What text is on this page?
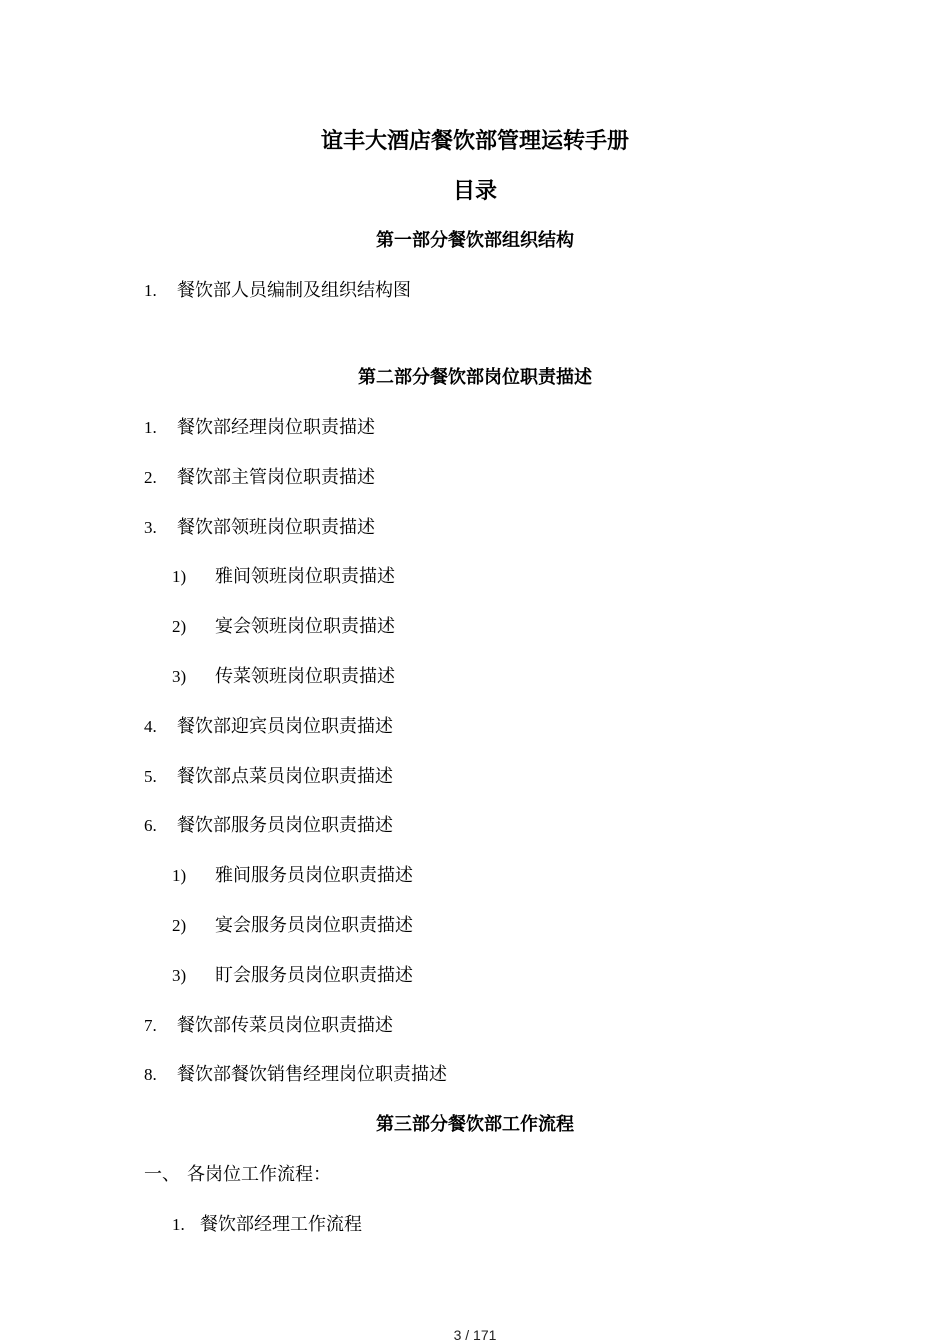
谊丰大酒店餐饮部管理运转手册
目录
第一部分餐饮部组织结构
1. 餐饮部人员编制及组织结构图
第二部分餐饮部岗位职责描述
1. 餐饮部经理岗位职责描述
2. 餐饮部主管岗位职责描述
3. 餐饮部领班岗位职责描述
1) 雅间领班岗位职责描述
2) 宴会领班岗位职责描述
3) 传菜领班岗位职责描述
4. 餐饮部迎宾员岗位职责描述
5. 餐饮部点菜员岗位职责描述
6. 餐饮部服务员岗位职责描述
1) 雅间服务员岗位职责描述
2) 宴会服务员岗位职责描述
3) 盯会服务员岗位职责描述
7. 餐饮部传菜员岗位职责描述
8. 餐饮部餐饮销售经理岗位职责描述
第三部分餐饮部工作流程
一、 各岗位工作流程：
1. 餐饮部经理工作流程
3 / 171
